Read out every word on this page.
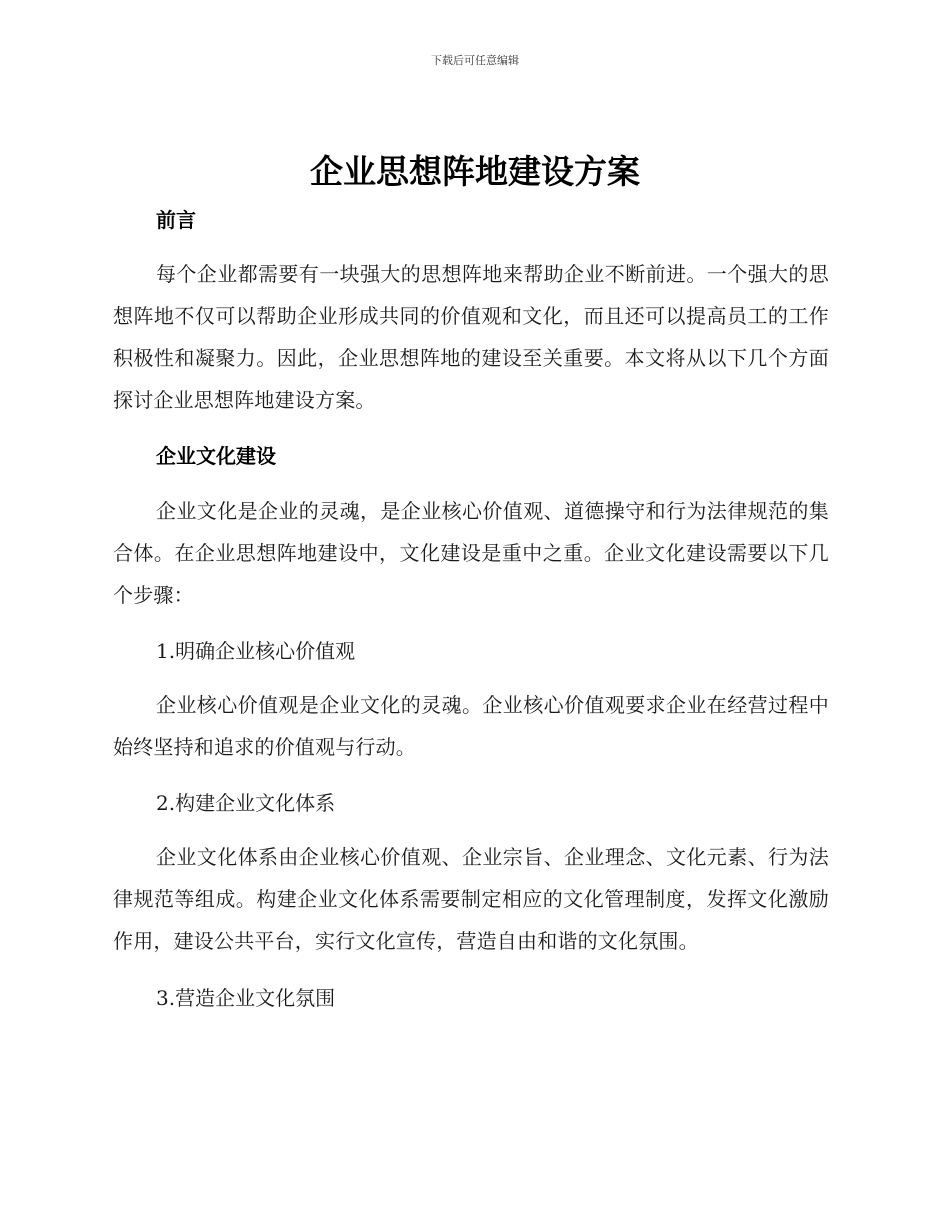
下载后可任意编辑
企业思想阵地建设方案
前言

每个企业都需要有一块强大的思想阵地来帮助企业不断前进。一个强大的思想阵地不仅可以帮助企业形成共同的价值观和文化，而且还可以提高员工的工作积极性和凝聚力。因此，企业思想阵地的建设至关重要。本文将从以下几个方面探讨企业思想阵地建设方案。

企业文化建设

企业文化是企业的灵魂，是企业核心价值观、道德操守和行为法律规范的集合体。在企业思想阵地建设中，文化建设是重中之重。企业文化建设需要以下几个步骤：

1.明确企业核心价值观

企业核心价值观是企业文化的灵魂。企业核心价值观要求企业在经营过程中始终坚持和追求的价值观与行动。

2.构建企业文化体系

企业文化体系由企业核心价值观、企业宗旨、企业理念、文化元素、行为法律规范等组成。构建企业文化体系需要制定相应的文化管理制度，发挥文化激励作用，建设公共平台，实行文化宣传，营造自由和谐的文化氛围。

3.营造企业文化氛围
